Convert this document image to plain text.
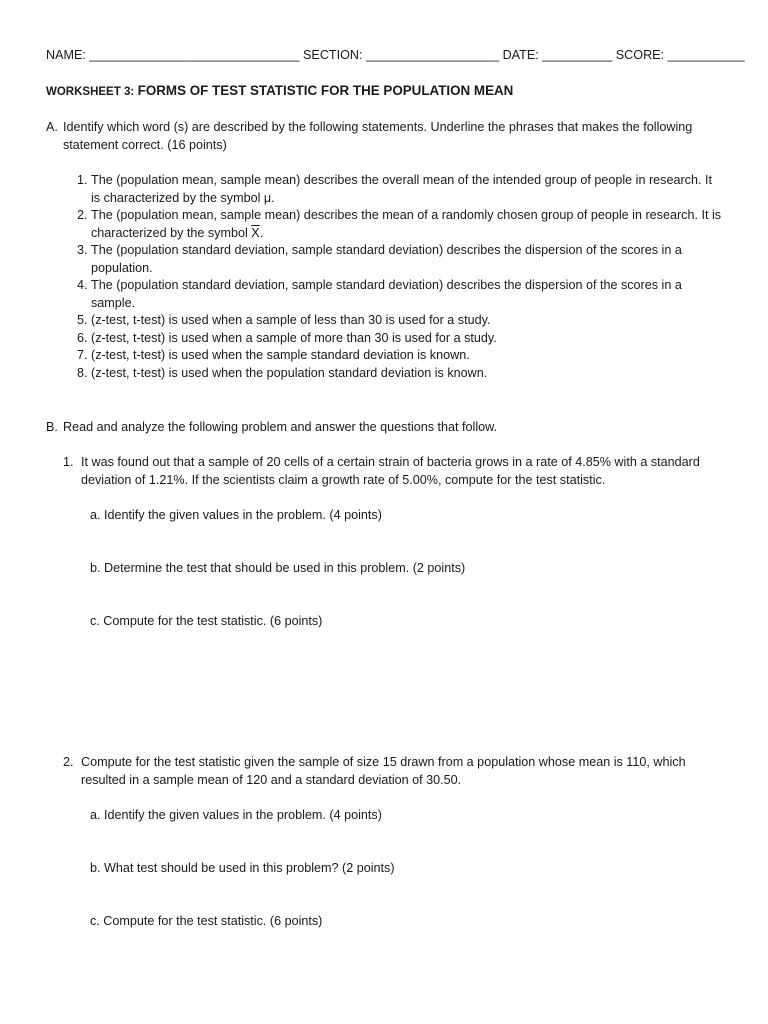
NAME: ______________________________ SECTION: ___________________ DATE: __________ SCORE: ___________
WORKSHEET 3: FORMS OF TEST STATISTIC FOR THE POPULATION MEAN
A. Identify which word (s) are described by the following statements. Underline the phrases that makes the following statement correct. (16 points)
1. The (population mean, sample mean) describes the overall mean of the intended group of people in research. It is characterized by the symbol μ.
2. The (population mean, sample mean) describes the mean of a randomly chosen group of people in research. It is characterized by the symbol $\overline{X}$.
3. The (population standard deviation, sample standard deviation) describes the dispersion of the scores in a population.
4. The (population standard deviation, sample standard deviation) describes the dispersion of the scores in a sample.
5. (z-test, t-test) is used when a sample of less than 30 is used for a study.
6. (z-test, t-test) is used when a sample of more than 30 is used for a study.
7. (z-test, t-test) is used when the sample standard deviation is known.
8. (z-test, t-test) is used when the population standard deviation is known.
B. Read and analyze the following problem and answer the questions that follow.
1. It was found out that a sample of 20 cells of a certain strain of bacteria grows in a rate of 4.85% with a standard deviation of 1.21%. If the scientists claim a growth rate of 5.00%, compute for the test statistic.
a. Identify the given values in the problem. (4 points)
b. Determine the test that should be used in this problem. (2 points)
c. Compute for the test statistic. (6 points)
2. Compute for the test statistic given the sample of size 15 drawn from a population whose mean is 110, which resulted in a sample mean of 120 and a standard deviation of 30.50.
a. Identify the given values in the problem. (4 points)
b. What test should be used in this problem? (2 points)
c. Compute for the test statistic. (6 points)
